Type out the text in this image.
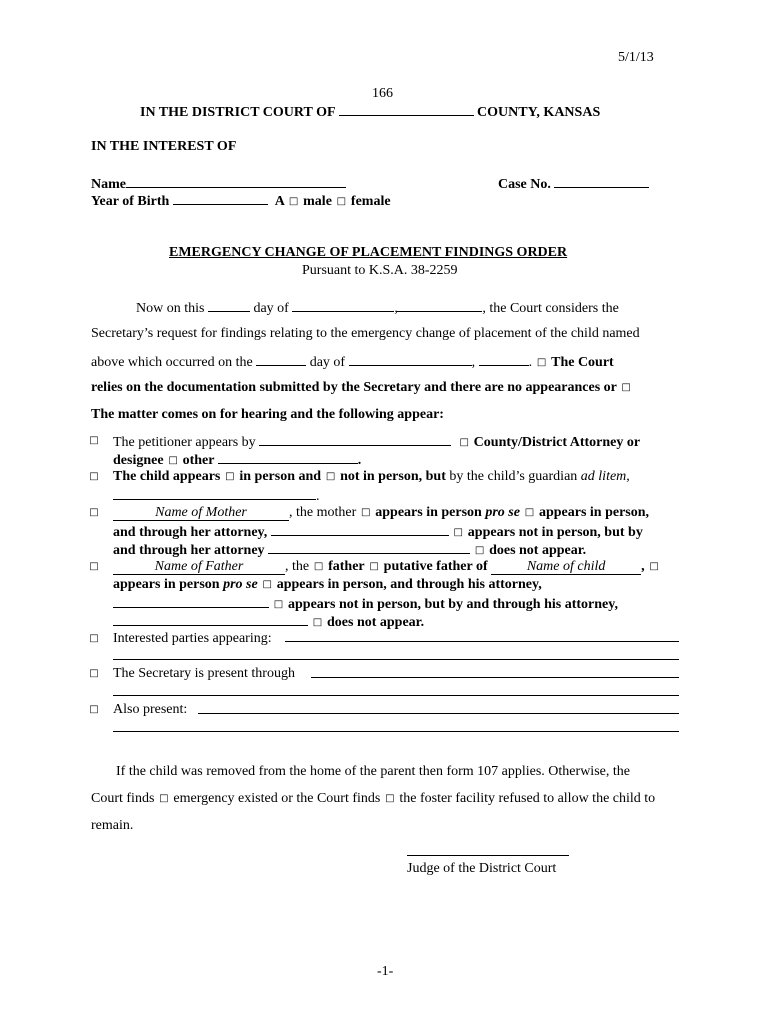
5/1/13
166
IN THE DISTRICT COURT OF	COUNTY, KANSAS
IN THE INTEREST OF
Name	Case No.
Year of Birth	A □ male □ female
EMERGENCY CHANGE OF PLACEMENT FINDINGS ORDER
Pursuant to K.S.A. 38-2259
Now on this	day of	,	, the Court considers the
Secretary’s request for findings relating to the emergency change of placement of the child named
above which occurred on the	day of	,	. □ The Court
relies on the documentation submitted by the Secretary and there are no appearances or □
The matter comes on for hearing and the following appear:
□ The petitioner appears by	□ County/District Attorney or
designee □ other	.
□ The child appears □ in person and □ not in person, but by the child’s guardian ad litem,
.
□	Name of Mother	, the mother □ appears in person pro se □ appears in person,
and through her attorney,	□ appears not in person, but by
and through her attorney	□ does not appear.
□	Name of Father	, the □ father □ putative father of	Name of child	, □
appears in person pro se □ appears in person, and through his attorney,
□ appears not in person, but by and through his attorney,
□ does not appear.
□ Interested parties appearing:
□ The Secretary is present through
□ Also present:
If the child was removed from the home of the parent then form 107 applies. Otherwise, the
Court finds □ emergency existed or the Court finds □ the foster facility refused to allow the child to
remain.
Judge of the District Court
-1-
